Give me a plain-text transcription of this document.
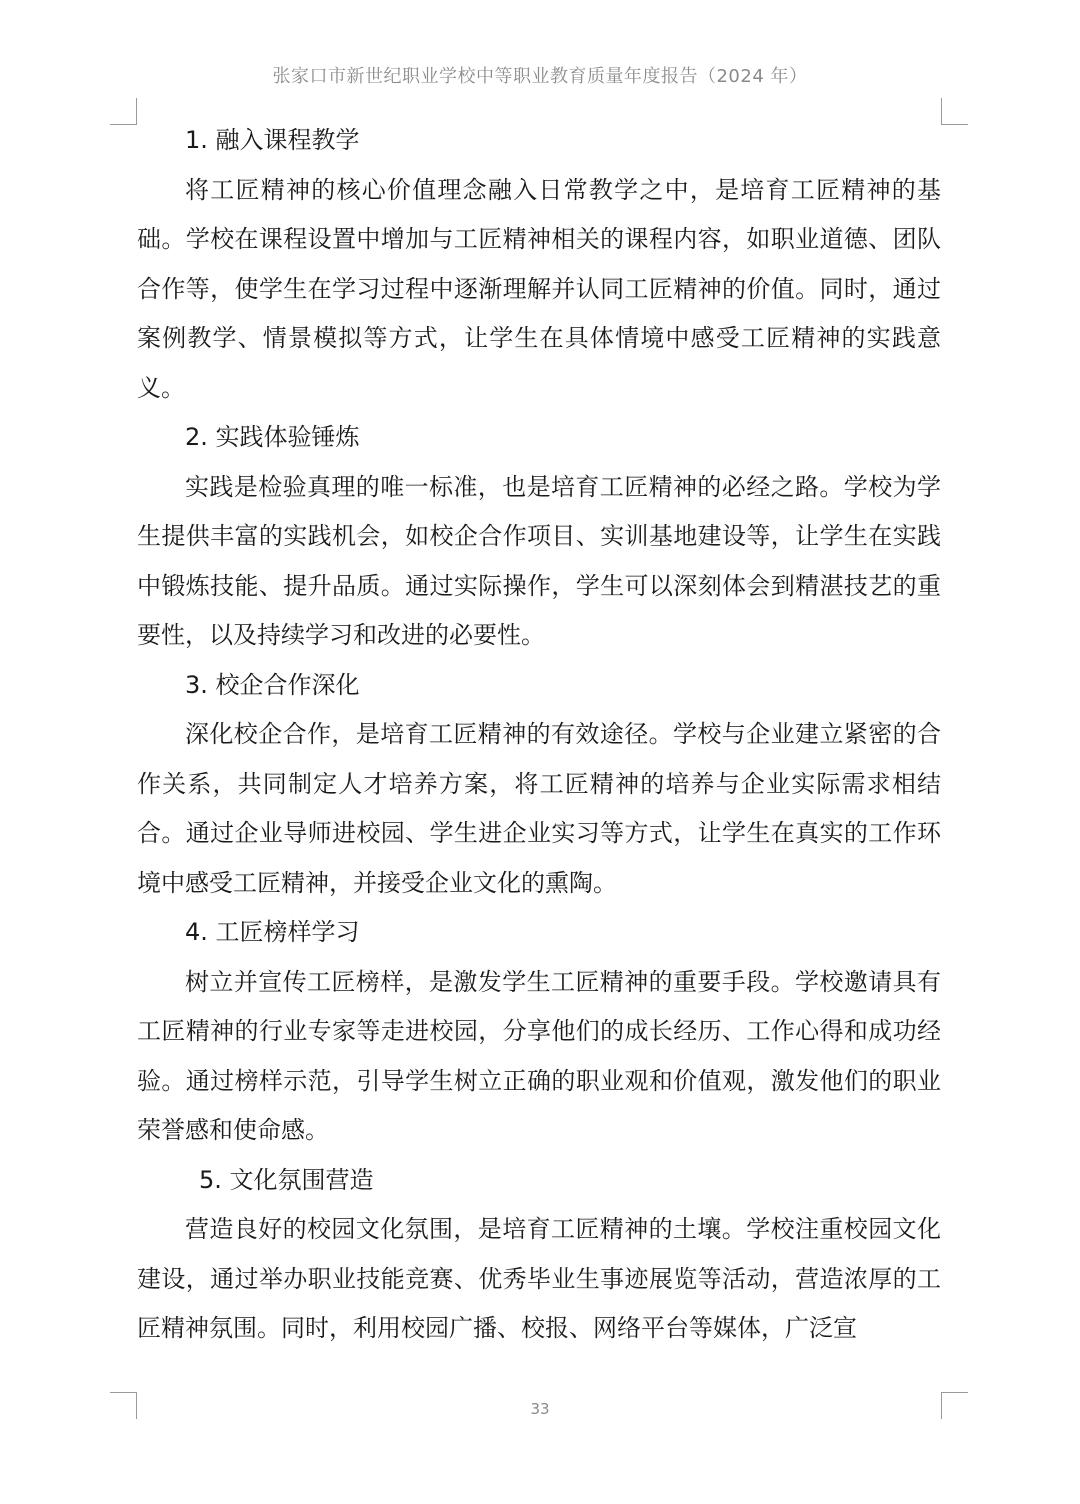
张家口市新世纪职业学校中等职业教育质量年度报告（2024 年）
1. 融入课程教学

将工匠精神的核心价值理念融入日常教学之中，是培育工匠精神的基础。学校在课程设置中增加与工匠精神相关的课程内容，如职业道德、团队合作等，使学生在学习过程中逐渐理解并认同工匠精神的价值。同时，通过案例教学、情景模拟等方式，让学生在具体情境中感受工匠精神的实践意义。

2. 实践体验锤炼

实践是检验真理的唯一标准，也是培育工匠精神的必经之路。学校为学生提供丰富的实践机会，如校企合作项目、实训基地建设等，让学生在实践中锻炼技能、提升品质。通过实际操作，学生可以深刻体会到精湛技艺的重要性，以及持续学习和改进的必要性。

3. 校企合作深化

深化校企合作，是培育工匠精神的有效途径。学校与企业建立紧密的合作关系，共同制定人才培养方案，将工匠精神的培养与企业实际需求相结合。通过企业导师进校园、学生进企业实习等方式，让学生在真实的工作环境中感受工匠精神，并接受企业文化的熏陶。

4. 工匠榜样学习

树立并宣传工匠榜样，是激发学生工匠精神的重要手段。学校邀请具有工匠精神的行业专家等走进校园，分享他们的成长经历、工作心得和成功经验。通过榜样示范，引导学生树立正确的职业观和价值观，激发他们的职业荣誉感和使命感。

5. 文化氛围营造

营造良好的校园文化氛围，是培育工匠精神的土壤。学校注重校园文化建设，通过举办职业技能竞赛、优秀毕业生事迹展览等活动，营造浓厚的工匠精神氛围。同时，利用校园广播、校报、网络平台等媒体，广泛宣

33
